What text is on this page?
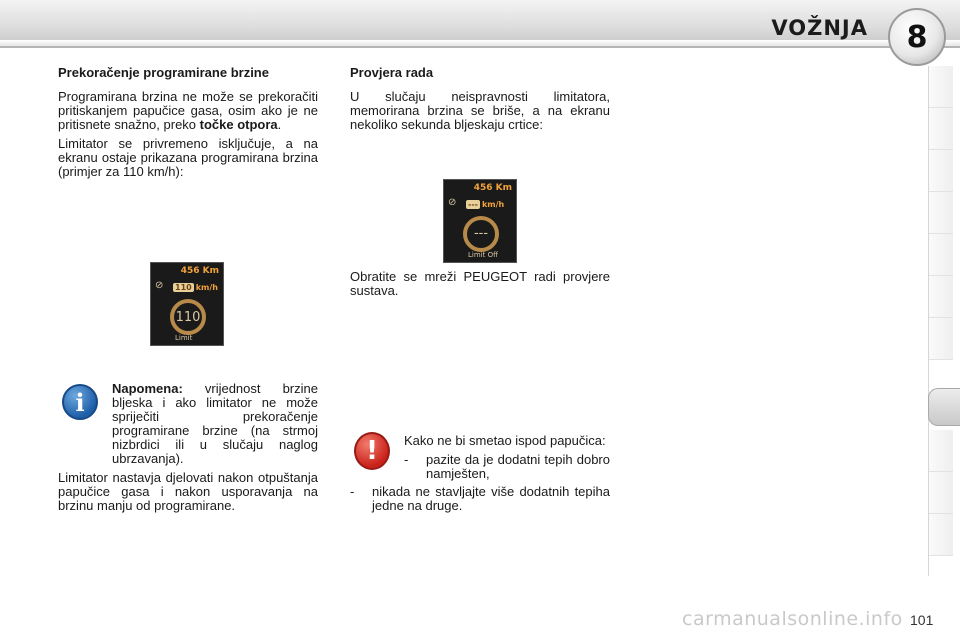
VOŽNJA	8
Prekoračenje programirane brzine
Programirana brzina ne može se prekoračiti pritiskanjem papučice gasa, osim ako je ne pritisnete snažno, preko točke otpora.
Limitator se privremeno isključuje, a na ekranu ostaje prikazana programirana brzina (primjer za 110 km/h):
456 Km
⊘ 110 km/h
110
Limit
Provjera rada
U slučaju neispravnosti limitatora, memorirana brzina se briše, a na ekranu nekoliko sekunda bljeskaju crtice:
456 Km
⊘ --- km/h
---
Limit Off
Obratite se mreži PEUGEOT radi provjere sustava.
i	Napomena: vrijednost brzine bljeska i ako limitator ne može spriječiti prekoračenje programirane brzine (na strmoj nizbrdici ili u slučaju naglog ubrzavanja).
Limitator nastavja djelovati nakon otpuštanja papučice gasa i nakon usporavanja na brzinu manju od programirane.
!	Kako ne bi smetao ispod papučica:
-	pazite da je dodatni tepih dobro namješten,
-	nikada ne stavljajte više dodatnih tepiha jedne na druge.
carmanualsonline.info 101
